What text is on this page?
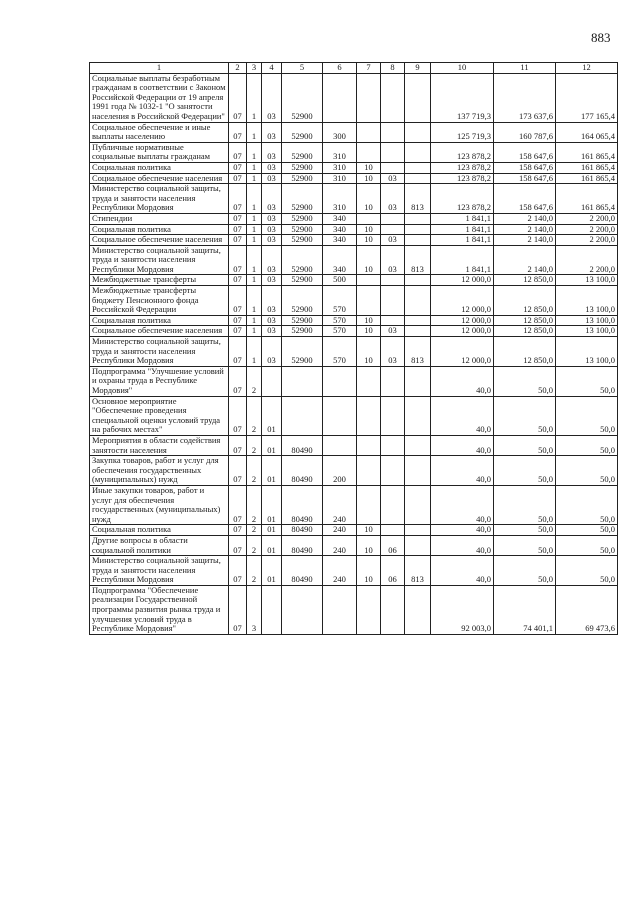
883
1	2	3	4	5	6	7	8	9	10	11	12
Социальные выплаты безработным гражданам в соответствии с Законом Российской Федерации от 19 апреля 1991 года № 1032-1 "О занятости населения в Российской Федерации"	07	1	03	52900					137 719,3	173 637,6	177 165,4
Социальное обеспечение и иные выплаты населению	07	1	03	52900	300				125 719,3	160 787,6	164 065,4
Публичные нормативные социальные выплаты гражданам	07	1	03	52900	310				123 878,2	158 647,6	161 865,4
Социальная политика	07	1	03	52900	310	10			123 878,2	158 647,6	161 865,4
Социальное обеспечение населения	07	1	03	52900	310	10	03		123 878,2	158 647,6	161 865,4
Министерство социальной защиты, труда и занятости населения Республики Мордовия	07	1	03	52900	310	10	03	813	123 878,2	158 647,6	161 865,4
Стипендии	07	1	03	52900	340				1 841,1	2 140,0	2 200,0
Социальная политика	07	1	03	52900	340	10			1 841,1	2 140,0	2 200,0
Социальное обеспечение населения	07	1	03	52900	340	10	03		1 841,1	2 140,0	2 200,0
Министерство социальной защиты, труда и занятости населения Республики Мордовия	07	1	03	52900	340	10	03	813	1 841,1	2 140,0	2 200,0
Межбюджетные трансферты	07	1	03	52900	500				12 000,0	12 850,0	13 100,0
Межбюджетные трансферты бюджету Пенсионного фонда Российской Федерации	07	1	03	52900	570				12 000,0	12 850,0	13 100,0
Социальная политика	07	1	03	52900	570	10			12 000,0	12 850,0	13 100,0
Социальное обеспечение населения	07	1	03	52900	570	10	03		12 000,0	12 850,0	13 100,0
Министерство социальной защиты, труда и занятости населения Республики Мордовия	07	1	03	52900	570	10	03	813	12 000,0	12 850,0	13 100,0
Подпрограмма "Улучшение условий и охраны труда в Республике Мордовия"	07	2							40,0	50,0	50,0
Основное мероприятие "Обеспечение проведения специальной оценки условий труда на рабочих местах"	07	2	01						40,0	50,0	50,0
Мероприятия в области содействия занятости населения	07	2	01	80490					40,0	50,0	50,0
Закупка товаров, работ и услуг для обеспечения государственных (муниципальных) нужд	07	2	01	80490	200				40,0	50,0	50,0
Иные закупки товаров, работ и услуг для обеспечения государственных (муниципальных) нужд	07	2	01	80490	240				40,0	50,0	50,0
Социальная политика	07	2	01	80490	240	10			40,0	50,0	50,0
Другие вопросы в области социальной политики	07	2	01	80490	240	10	06		40,0	50,0	50,0
Министерство социальной защиты, труда и занятости населения Республики Мордовия	07	2	01	80490	240	10	06	813	40,0	50,0	50,0
Подпрограмма "Обеспечение реализации Государственной программы развития рынка труда и улучшения условий труда в Республике Мордовия"	07	3							92 003,0	74 401,1	69 473,6
